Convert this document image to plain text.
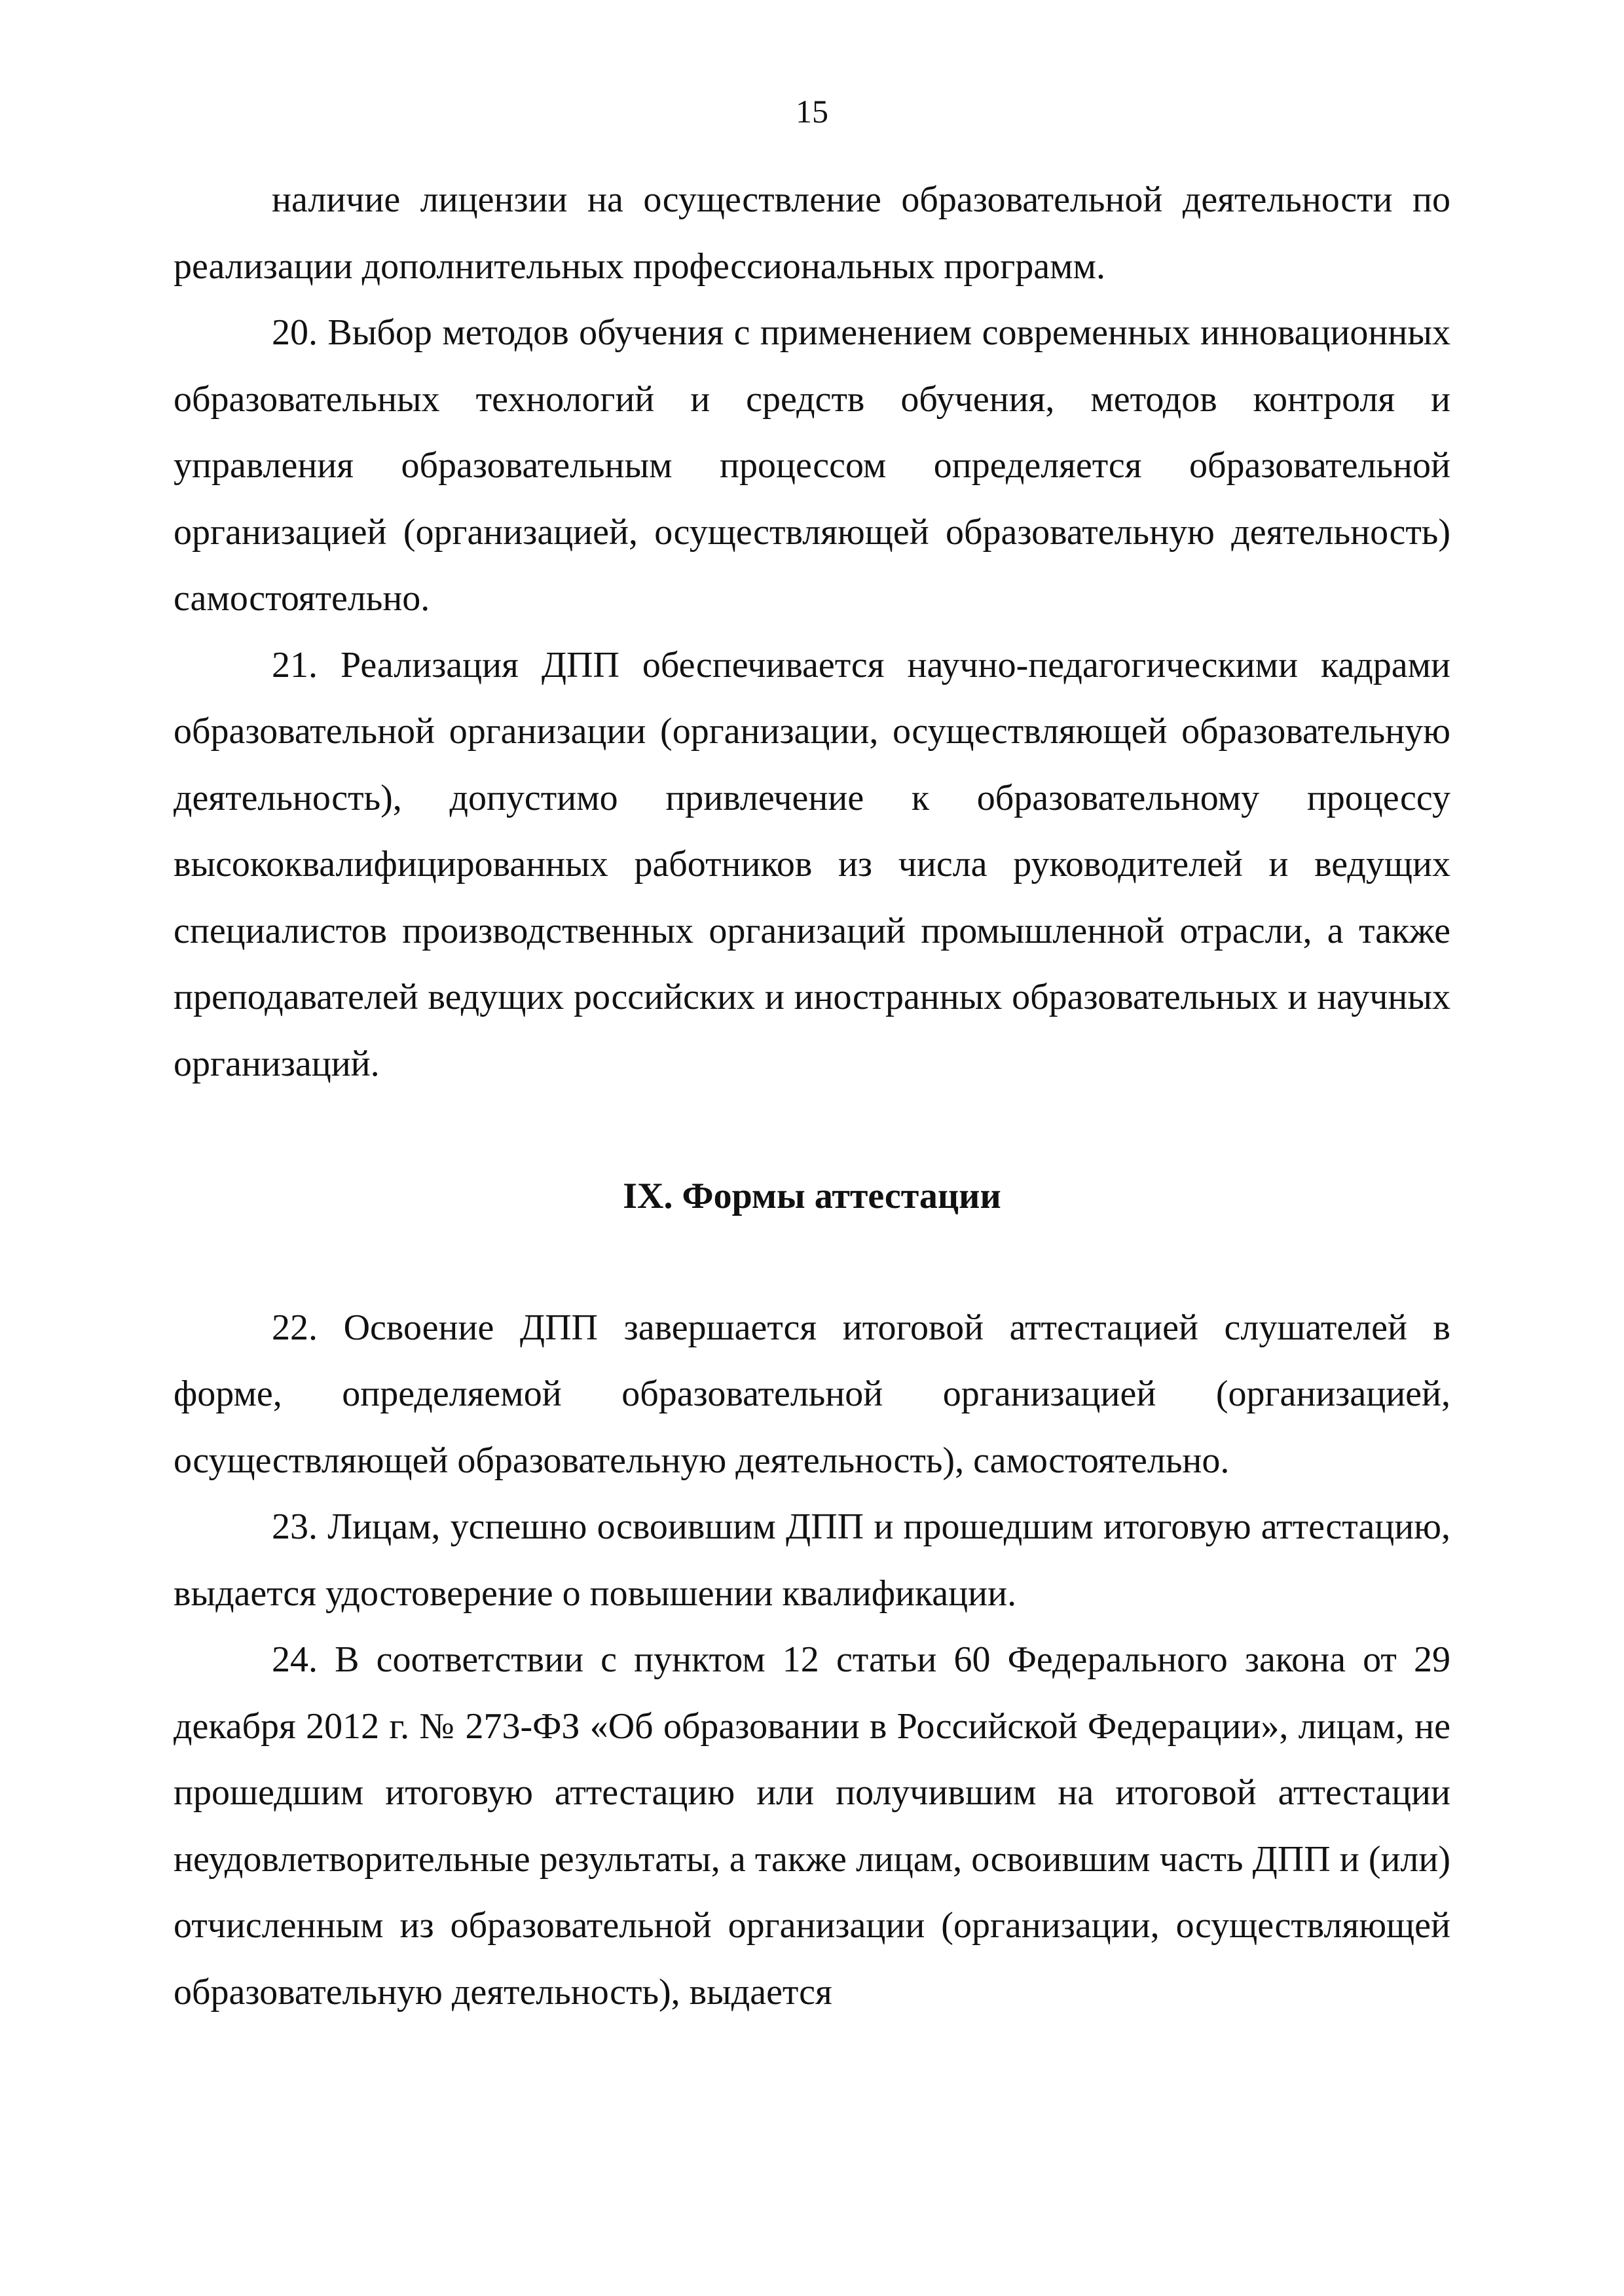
15

наличие лицензии на осуществление образовательной деятельности по реализации дополнительных профессиональных программ.

20. Выбор методов обучения с применением современных инновационных образовательных технологий и средств обучения, методов контроля и управления образовательным процессом определяется образовательной организацией (организацией, осуществляющей образовательную деятельность) самостоятельно.

21. Реализация ДПП обеспечивается научно-педагогическими кадрами образовательной организации (организации, осуществляющей образовательную деятельность), допустимо привлечение к образовательному процессу высококвалифицированных работников из числа руководителей и ведущих специалистов производственных организаций промышленной отрасли, а также преподавателей ведущих российских и иностранных образовательных и научных организаций.

IX. Формы аттестации

22. Освоение ДПП завершается итоговой аттестацией слушателей в форме, определяемой образовательной организацией (организацией, осуществляющей образовательную деятельность), самостоятельно.

23. Лицам, успешно освоившим ДПП и прошедшим итоговую аттестацию, выдается удостоверение о повышении квалификации.

24. В соответствии с пунктом 12 статьи 60 Федерального закона от 29 декабря 2012 г. № 273-ФЗ «Об образовании в Российской Федерации», лицам, не прошедшим итоговую аттестацию или получившим на итоговой аттестации неудовлетворительные результаты, а также лицам, освоившим часть ДПП и (или) отчисленным из образовательной организации (организации, осуществляющей образовательную деятельность), выдается
